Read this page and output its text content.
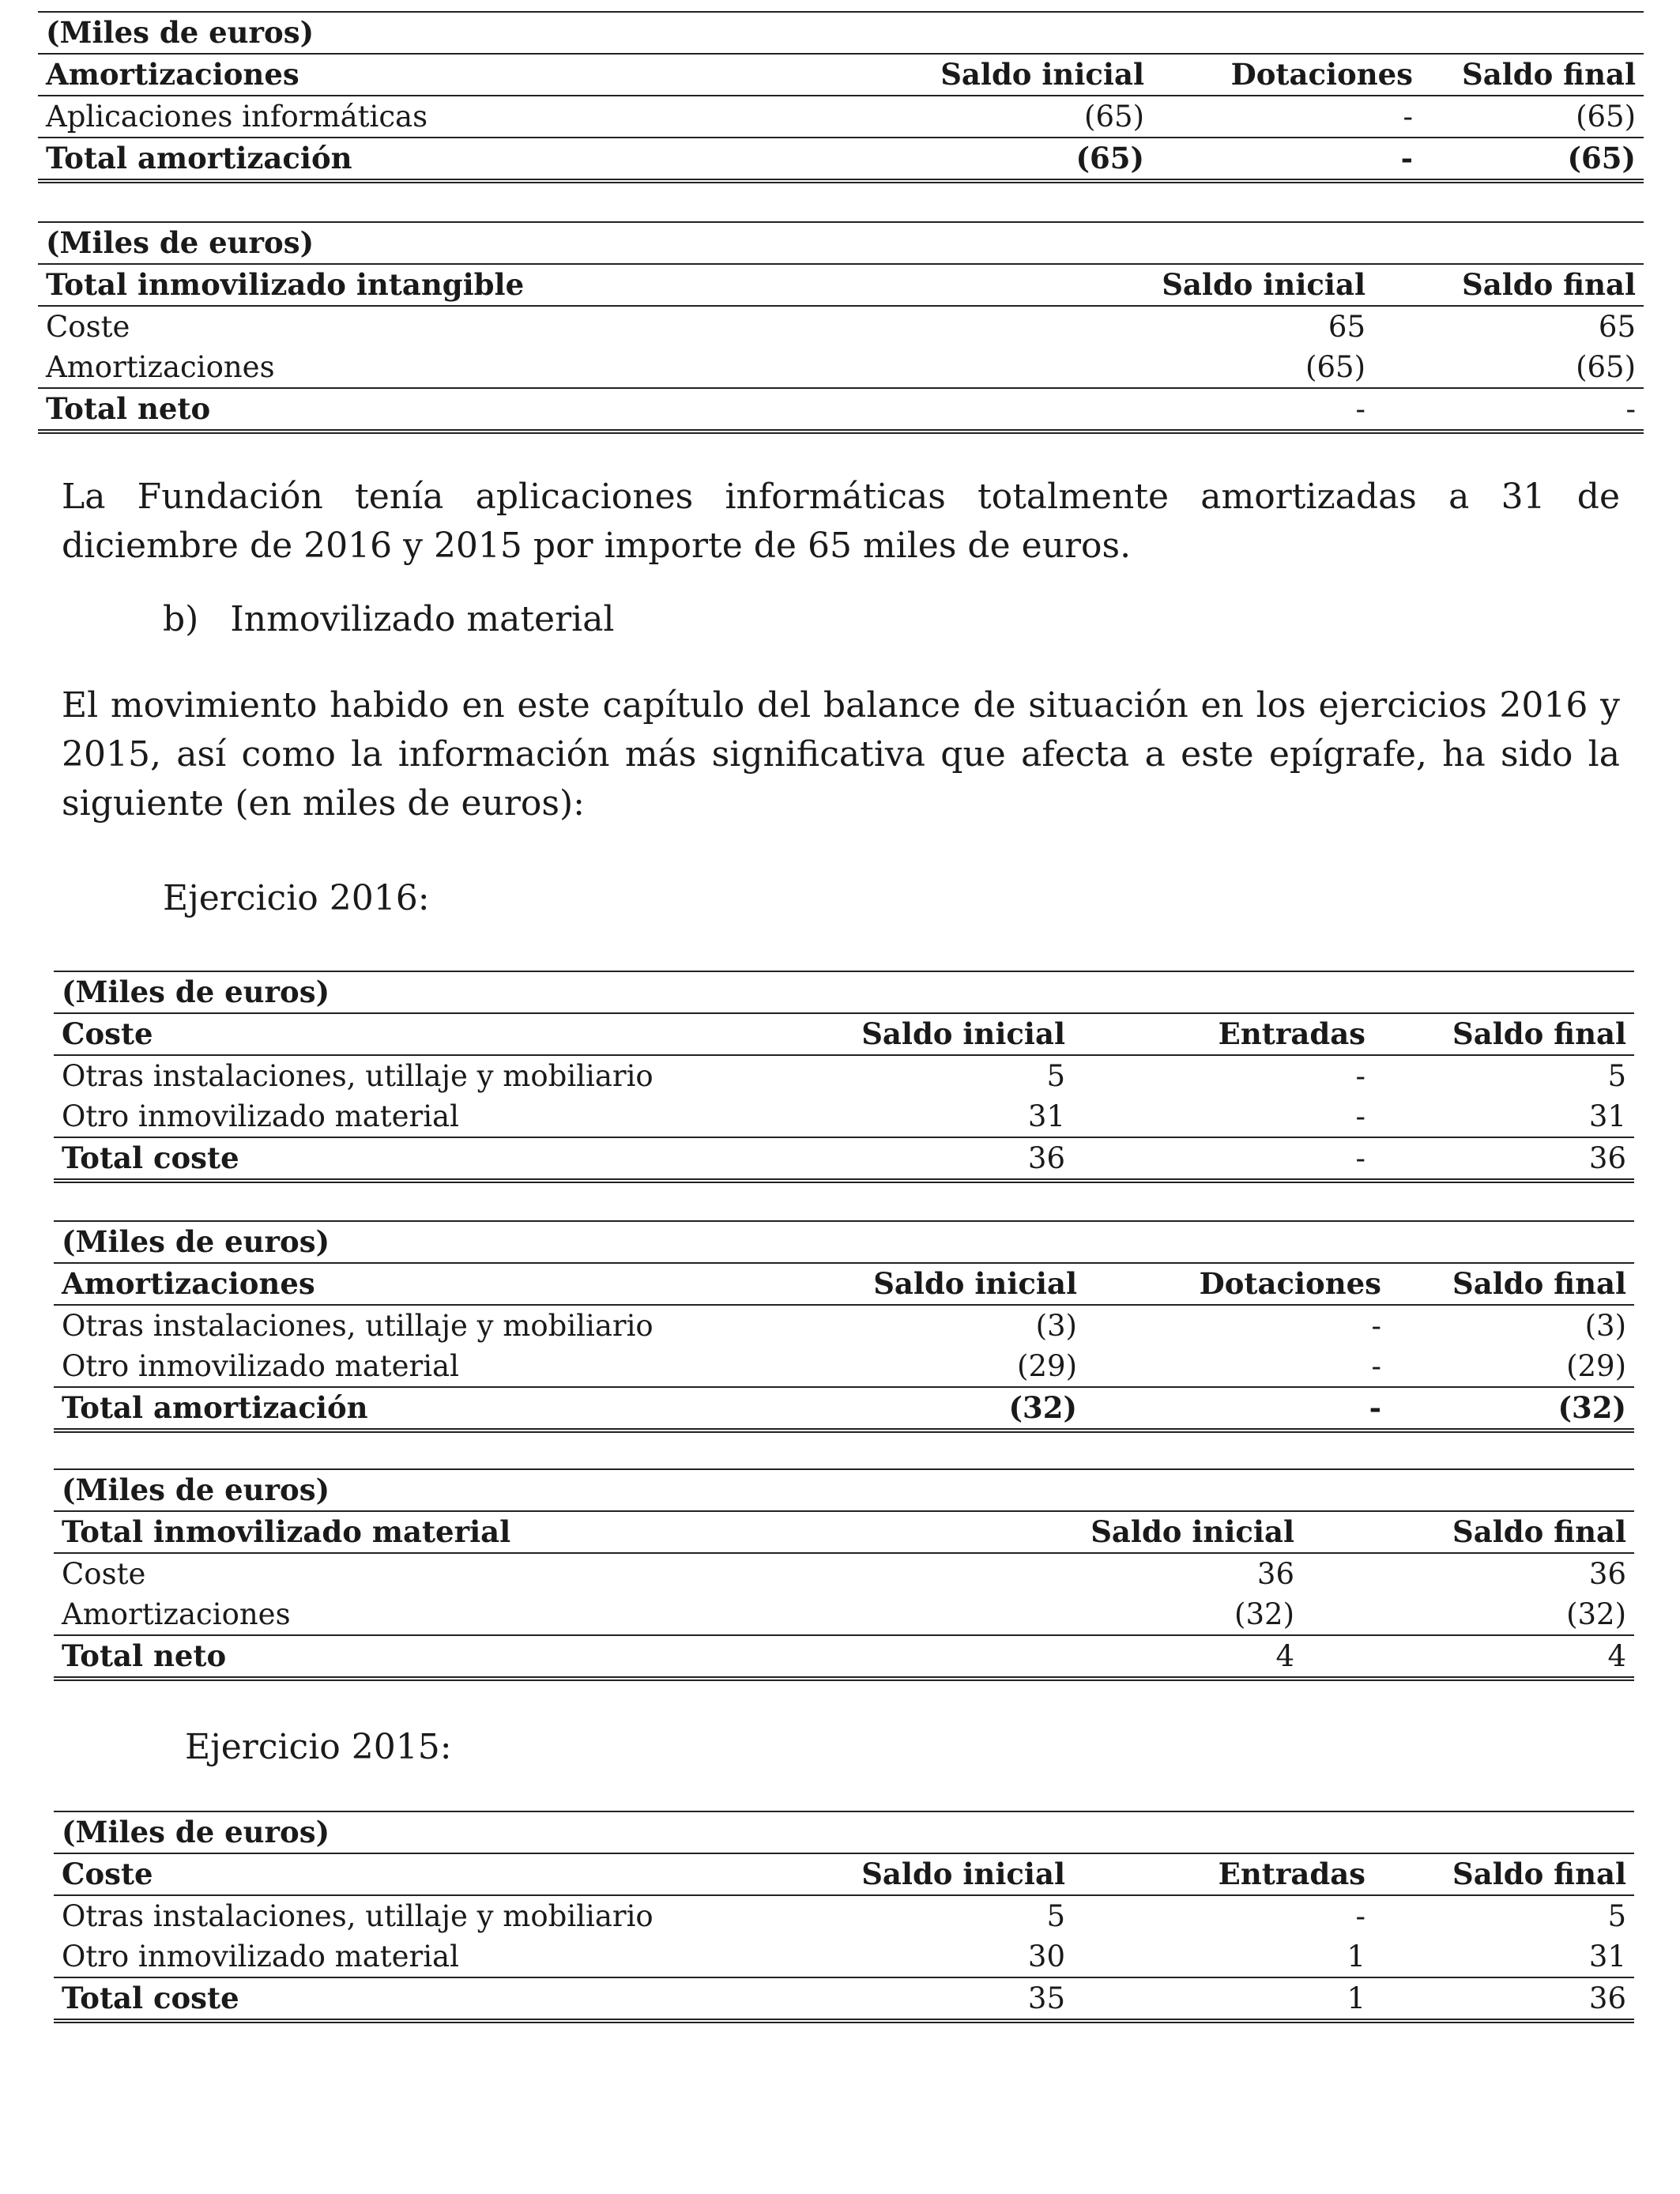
(Miles de euros)			
Amortizaciones	Saldo inicial	Dotaciones	Saldo final
Aplicaciones informáticas	(65)	-	(65)
Total amortización	(65)	-	(65)
(Miles de euros)		
Total inmovilizado intangible	Saldo inicial	Saldo final
Coste	65	65
Amortizaciones	(65)	(65)
Total neto	-	-

La Fundación tenía aplicaciones informáticas totalmente amortizadas a 31 de diciembre de 2016 y 2015 por importe de 65 miles de euros.

b) Inmovilizado material

El movimiento habido en este capítulo del balance de situación en los ejercicios 2016 y 2015, así como la información más significativa que afecta a este epígrafe, ha sido la siguiente (en miles de euros):

Ejercicio 2016:
(Miles de euros)			
Coste	Saldo inicial	Entradas	Saldo final
Otras instalaciones, utillaje y mobiliario	5	-	5
Otro inmovilizado material	31	-	31
Total coste	36	-	36
(Miles de euros)			
Amortizaciones	Saldo inicial	Dotaciones	Saldo final
Otras instalaciones, utillaje y mobiliario	(3)	-	(3)
Otro inmovilizado material	(29)	-	(29)
Total amortización	(32)	-	(32)
(Miles de euros)		
Total inmovilizado material	Saldo inicial	Saldo final
Coste	36	36
Amortizaciones	(32)	(32)
Total neto	4	4
Ejercicio 2015:
(Miles de euros)			
Coste	Saldo inicial	Entradas	Saldo final
Otras instalaciones, utillaje y mobiliario	5	-	5
Otro inmovilizado material	30	1	31
Total coste	35	1	36
